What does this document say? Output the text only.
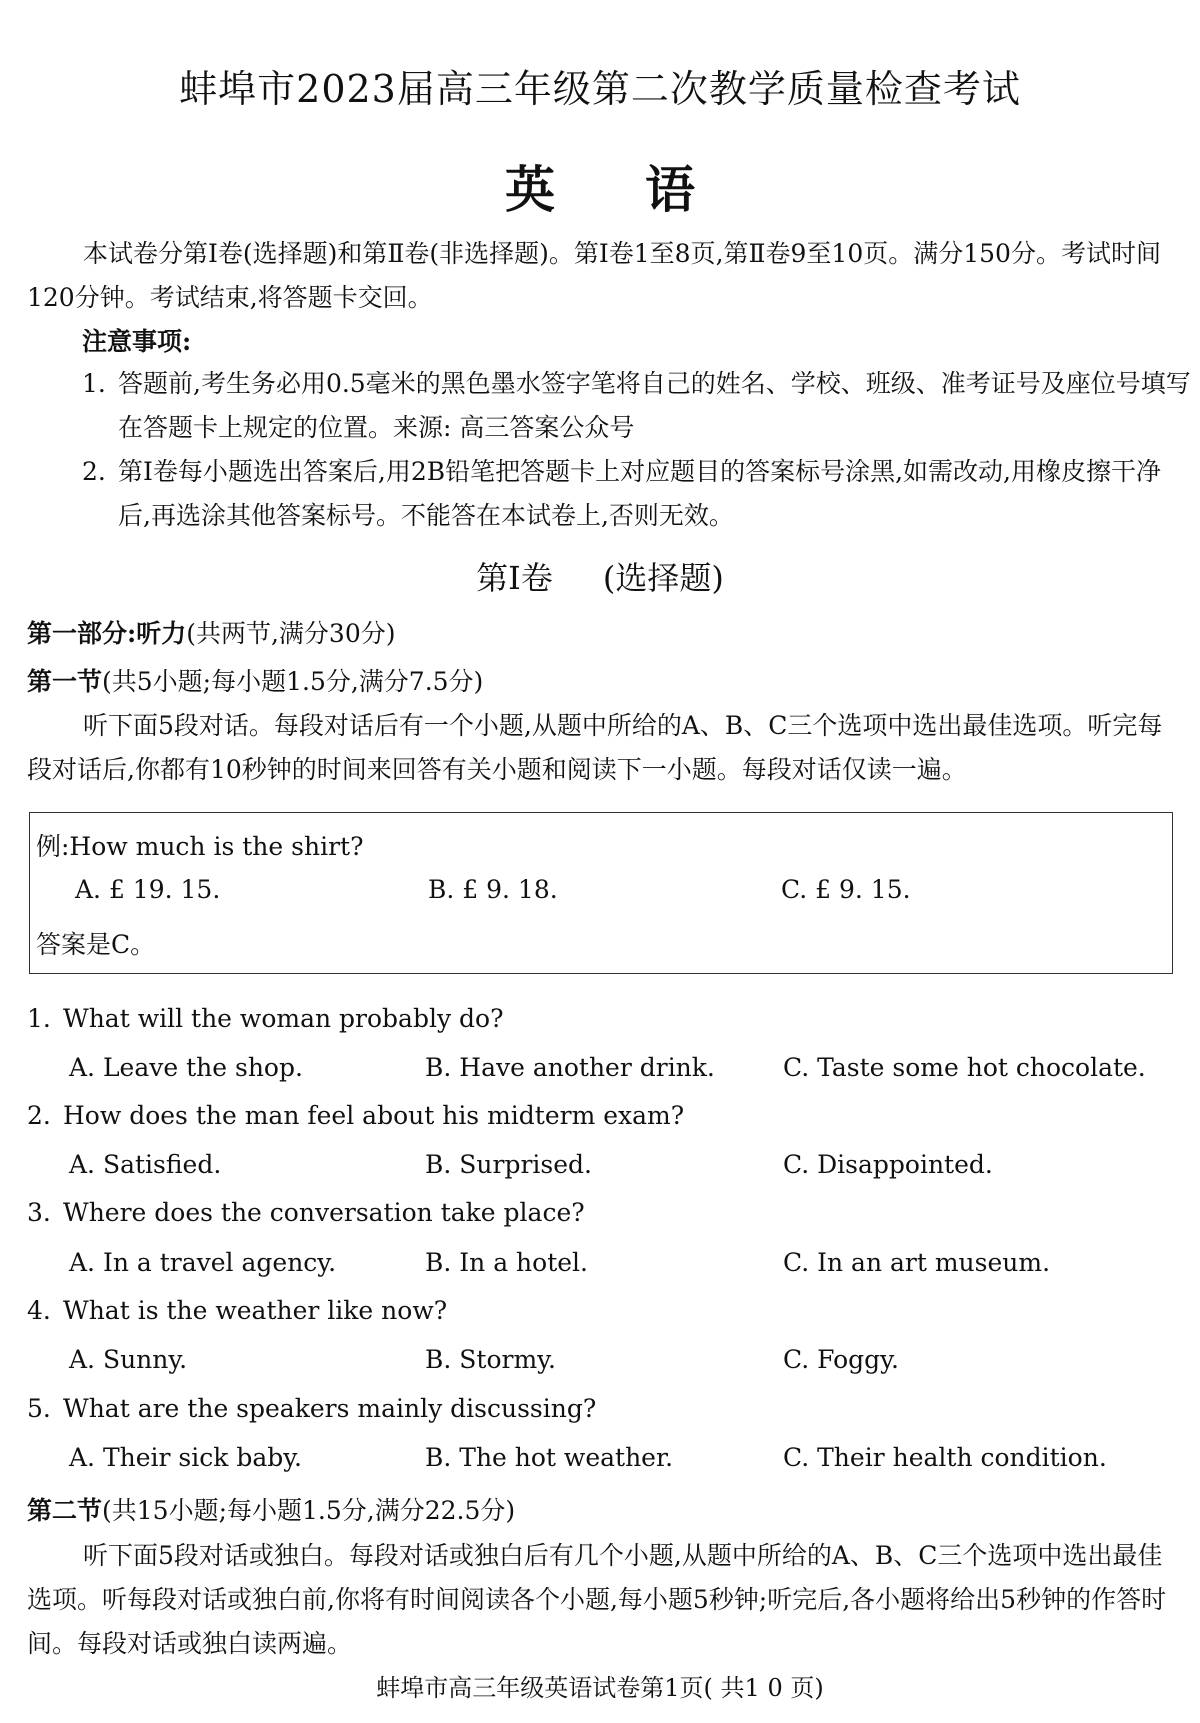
蚌埠市2023届高三年级第二次教学质量检查考试
英语
本试卷分第Ⅰ卷(选择题)和第Ⅱ卷(非选择题)。第Ⅰ卷1至8页,第Ⅱ卷9至10页。满分150分。考试时间120分钟。考试结束,将答题卡交回。
注意事项:
1. 答题前,考生务必用0.5毫米的黑色墨水签字笔将自己的姓名、学校、班级、准考证号及座位号填写在答题卡上规定的位置。来源: 高三答案公众号
2. 第Ⅰ卷每小题选出答案后,用2B铅笔把答题卡上对应题目的答案标号涂黑,如需改动,用橡皮擦干净后,再选涂其他答案标号。不能答在本试卷上,否则无效。
第Ⅰ卷 (选择题)
第一部分:听力(共两节,满分30分)
第一节(共5小题;每小题1.5分,满分7.5分)
听下面5段对话。每段对话后有一个小题,从题中所给的A、B、C三个选项中选出最佳选项。听完每段对话后,你都有10秒钟的时间来回答有关小题和阅读下一小题。每段对话仅读一遍。
例:How much is the shirt?
A. £ 19. 15.	B. £ 9. 18.	C. £ 9. 15.
答案是C。
1. What will the woman probably do?
A. Leave the shop.	B. Have another drink.	C. Taste some hot chocolate.
2. How does the man feel about his midterm exam?
A. Satisfied.	B. Surprised.	C. Disappointed.
3. Where does the conversation take place?
A. In a travel agency.	B. In a hotel.	C. In an art museum.
4. What is the weather like now?
A. Sunny.	B. Stormy.	C. Foggy.
5. What are the speakers mainly discussing?
A. Their sick baby.	B. The hot weather.	C. Their health condition.
第二节(共15小题;每小题1.5分,满分22.5分)
听下面5段对话或独白。每段对话或独白后有几个小题,从题中所给的A、B、C三个选项中选出最佳选项。听每段对话或独白前,你将有时间阅读各个小题,每小题5秒钟;听完后,各小题将给出5秒钟的作答时间。每段对话或独白读两遍。
蚌埠市高三年级英语试卷第1页( 共1 0 页)
